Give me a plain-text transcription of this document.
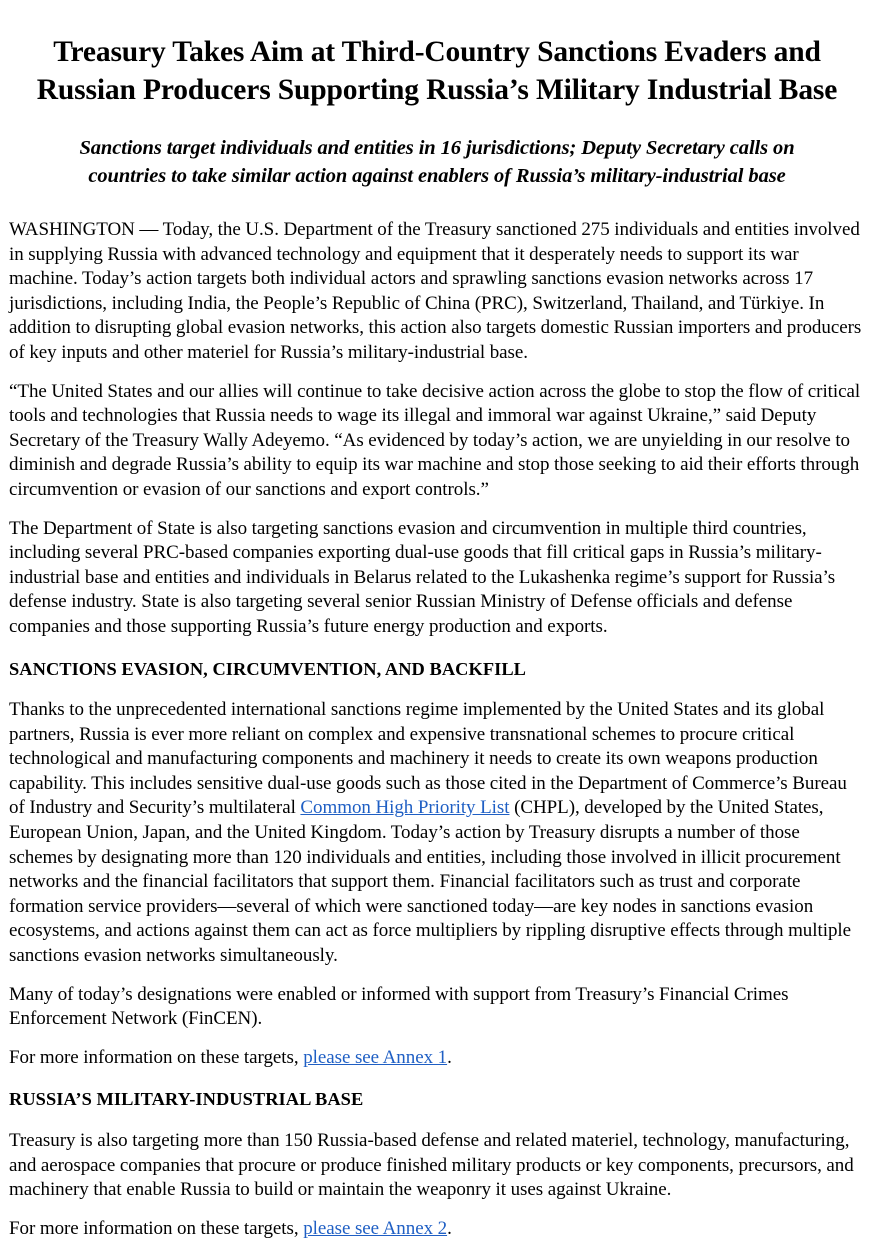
Treasury Takes Aim at Third-Country Sanctions Evaders and Russian Producers Supporting Russia’s Military Industrial Base
Sanctions target individuals and entities in 16 jurisdictions; Deputy Secretary calls on countries to take similar action against enablers of Russia’s military-industrial base

WASHINGTON — Today, the U.S. Department of the Treasury sanctioned 275 individuals and entities involved in supplying Russia with advanced technology and equipment that it desperately needs to support its war machine. Today’s action targets both individual actors and sprawling sanctions evasion networks across 17 jurisdictions, including India, the People’s Republic of China (PRC), Switzerland, Thailand, and Türkiye. In addition to disrupting global evasion networks, this action also targets domestic Russian importers and producers of key inputs and other materiel for Russia’s military-industrial base.

“The United States and our allies will continue to take decisive action across the globe to stop the flow of critical tools and technologies that Russia needs to wage its illegal and immoral war against Ukraine,” said Deputy Secretary of the Treasury Wally Adeyemo. “As evidenced by today’s action, we are unyielding in our resolve to diminish and degrade Russia’s ability to equip its war machine and stop those seeking to aid their efforts through circumvention or evasion of our sanctions and export controls.”

The Department of State is also targeting sanctions evasion and circumvention in multiple third countries, including several PRC-based companies exporting dual-use goods that fill critical gaps in Russia’s military-industrial base and entities and individuals in Belarus related to the Lukashenka regime’s support for Russia’s defense industry. State is also targeting several senior Russian Ministry of Defense officials and defense companies and those supporting Russia’s future energy production and exports.

SANCTIONS EVASION, CIRCUMVENTION, AND BACKFILL

Thanks to the unprecedented international sanctions regime implemented by the United States and its global partners, Russia is ever more reliant on complex and expensive transnational schemes to procure critical technological and manufacturing components and machinery it needs to create its own weapons production capability. This includes sensitive dual-use goods such as those cited in the Department of Commerce’s Bureau of Industry and Security’s multilateral Common High Priority List (CHPL), developed by the United States, European Union, Japan, and the United Kingdom. Today’s action by Treasury disrupts a number of those schemes by designating more than 120 individuals and entities, including those involved in illicit procurement networks and the financial facilitators that support them. Financial facilitators such as trust and corporate formation service providers—several of which were sanctioned today—are key nodes in sanctions evasion ecosystems, and actions against them can act as force multipliers by rippling disruptive effects through multiple sanctions evasion networks simultaneously.

Many of today’s designations were enabled or informed with support from Treasury’s Financial Crimes Enforcement Network (FinCEN).

For more information on these targets, please see Annex 1.

RUSSIA’S MILITARY-INDUSTRIAL BASE

Treasury is also targeting more than 150 Russia-based defense and related materiel, technology, manufacturing, and aerospace companies that procure or produce finished military products or key components, precursors, and machinery that enable Russia to build or maintain the weaponry it uses against Ukraine.

For more information on these targets, please see Annex 2.
